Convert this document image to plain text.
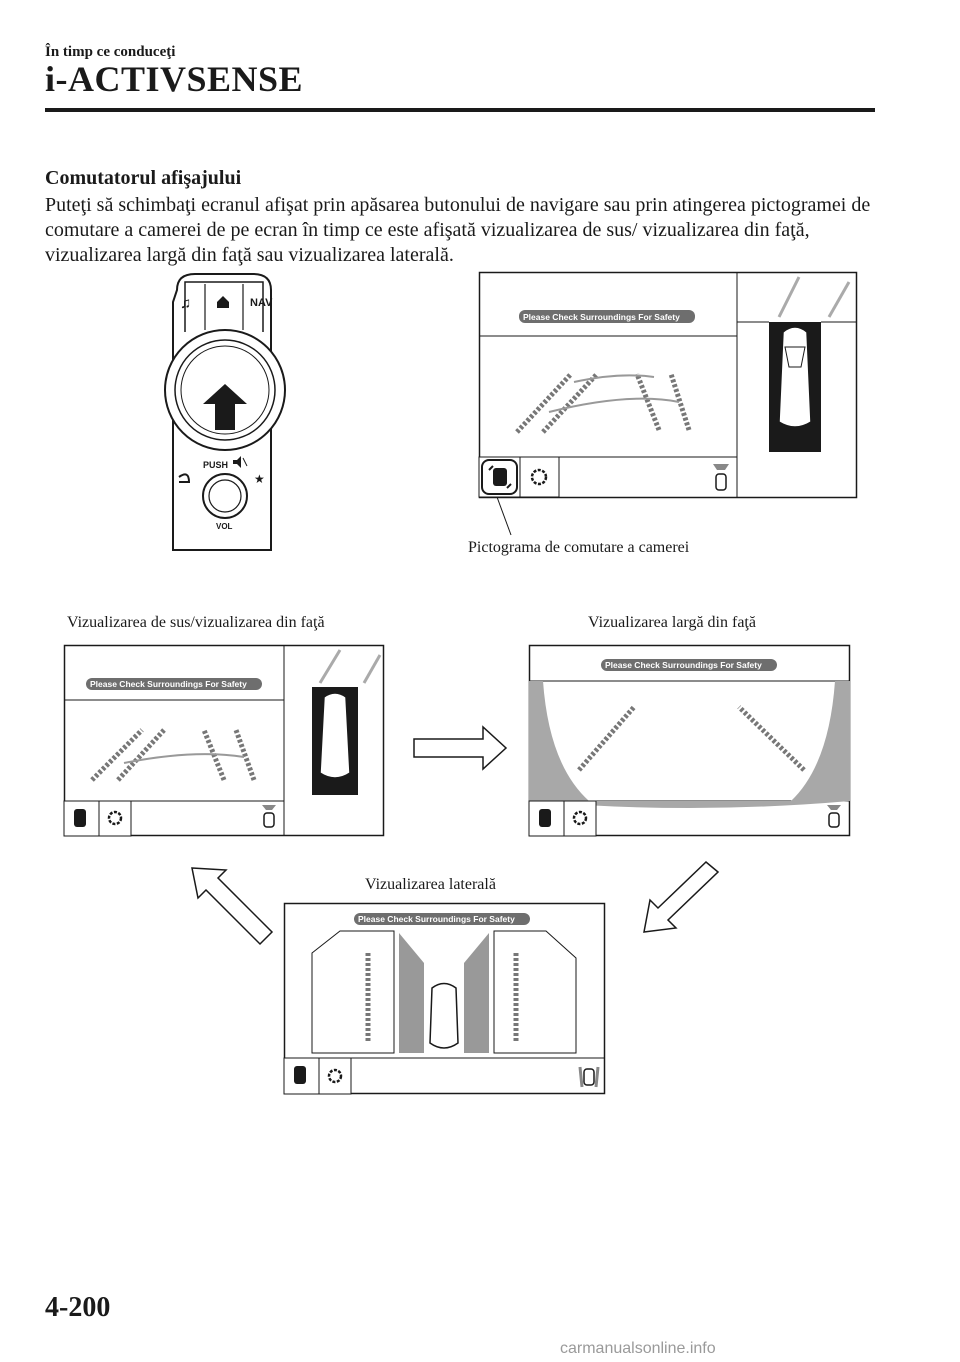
În timp ce conduceţi
i-ACTIVSENSE
Comutatorul afişajului
Puteţi să schimbaţi ecranul afişat prin apăsarea butonului de navigare sau prin atingerea pictogramei de comutare a camerei de pe ecran în timp ce este afişată vizualizarea de sus/ vizualizarea din faţă, vizualizarea largă din faţă sau vizualizarea laterală.
♫	NAV
PUSH
★
VOL
Please Check Surroundings For Safety
Pictograma de comutare a camerei
Vizualizarea de sus/vizualizarea din faţă	Vizualizarea largă din faţă
Vizualizarea laterală
Please Check Surroundings For Safety
Please Check Surroundings For Safety
Please Check Surroundings For Safety
4-200
carmanualsonline.info
